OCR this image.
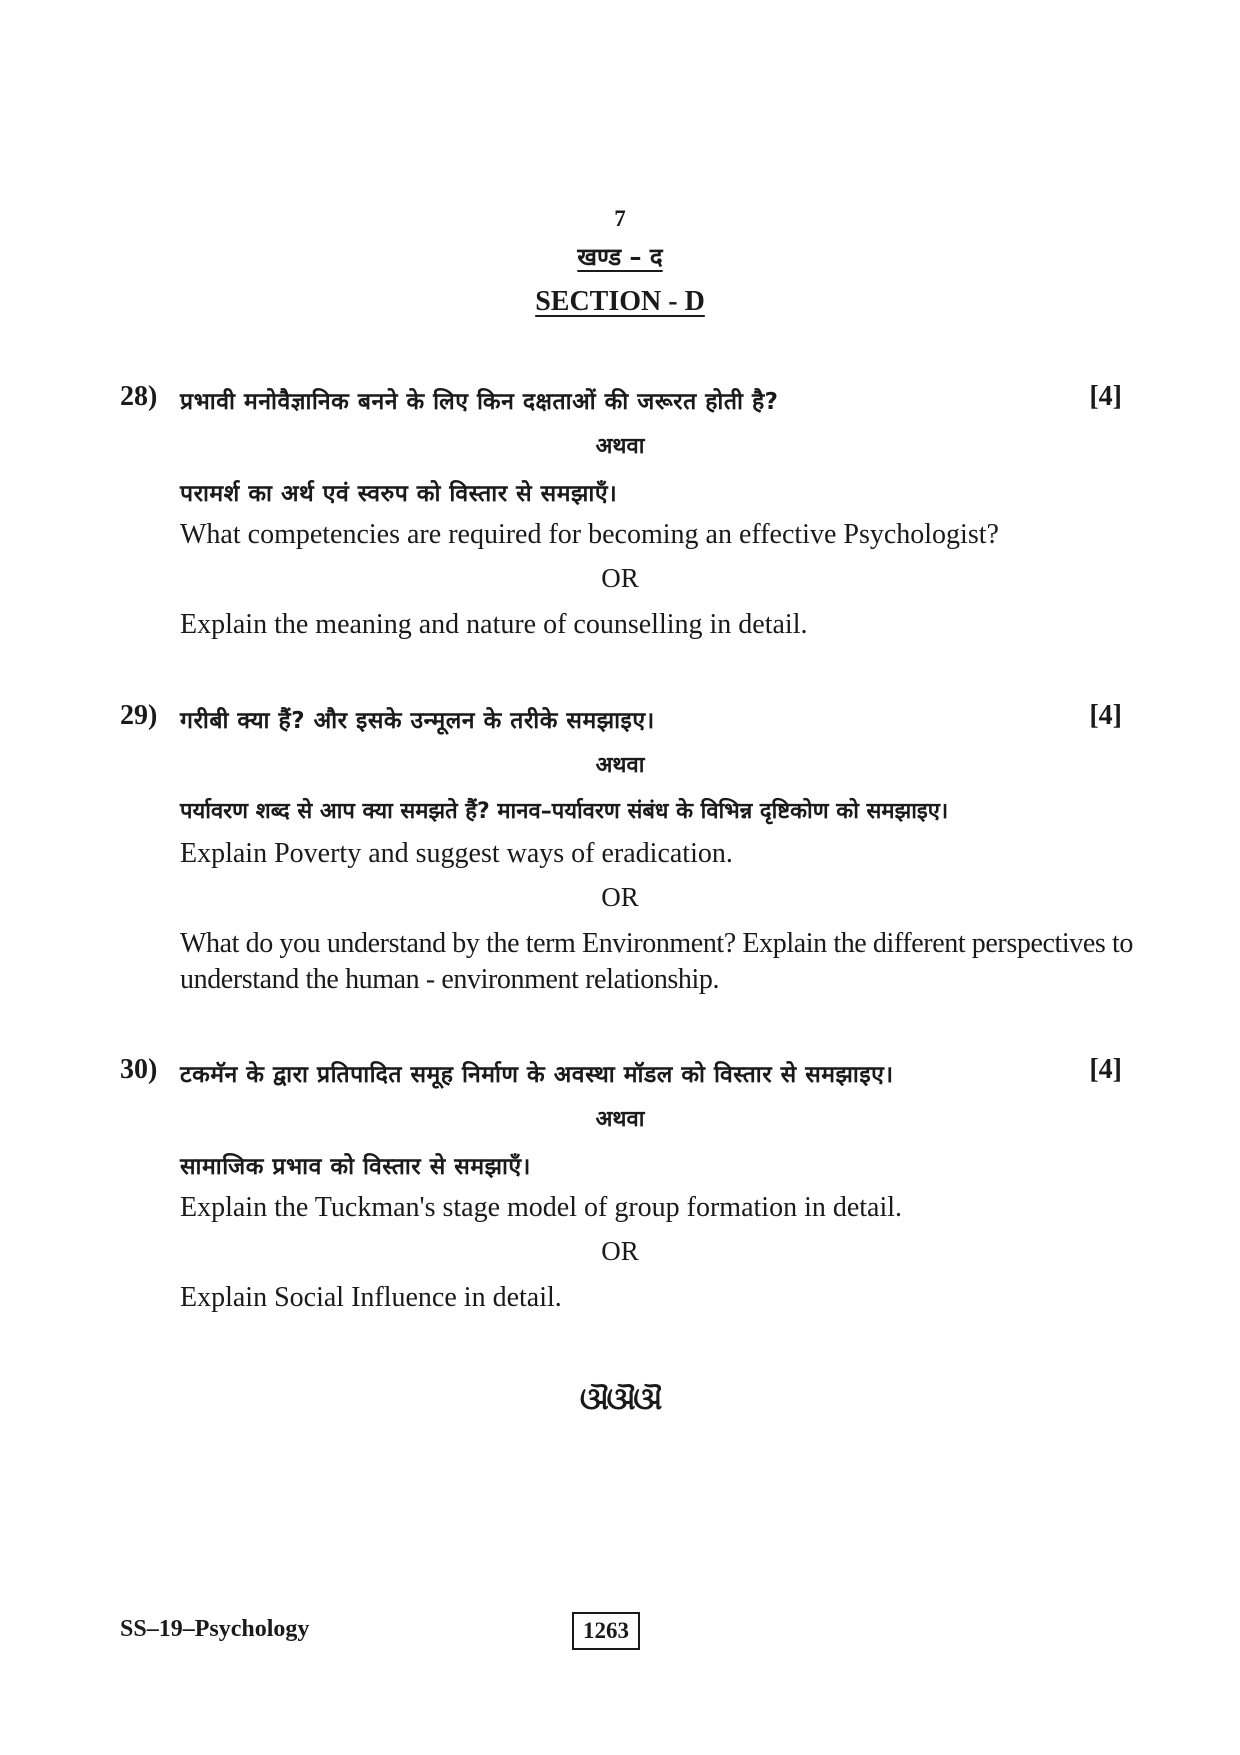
7
खण्ड – द
SECTION - D
28) प्रभावी मनोवैज्ञानिक बनने के लिए किन दक्षताओं की जरूरत होती है?	[4]
अथवा
परामर्श का अर्थ एवं स्वरुप को विस्तार से समझाएँ।
What competencies are required for becoming an effective Psychologist?
OR
Explain the meaning and nature of counselling in detail.
29) गरीबी क्या हैं? और इसके उन्मूलन के तरीके समझाइए।	[4]
अथवा
पर्यावरण शब्द से आप क्या समझते हैं? मानव–पर्यावरण संबंध के विभिन्न दृष्टिकोण को समझाइए।
Explain Poverty and suggest ways of eradication.
OR
What do you understand by the term Environment? Explain the different perspectives to understand the human - environment relationship.
30) टकमॅन के द्वारा प्रतिपादित समूह निर्माण के अवस्था मॉडल को विस्तार से समझाइए।	[4]
अथवा
सामाजिक प्रभाव को विस्तार से समझाएँ।
Explain the Tuckman's stage model of group formation in detail.
OR
Explain Social Influence in detail.
ଔଔଔ
SS–19–Psychology	1263
